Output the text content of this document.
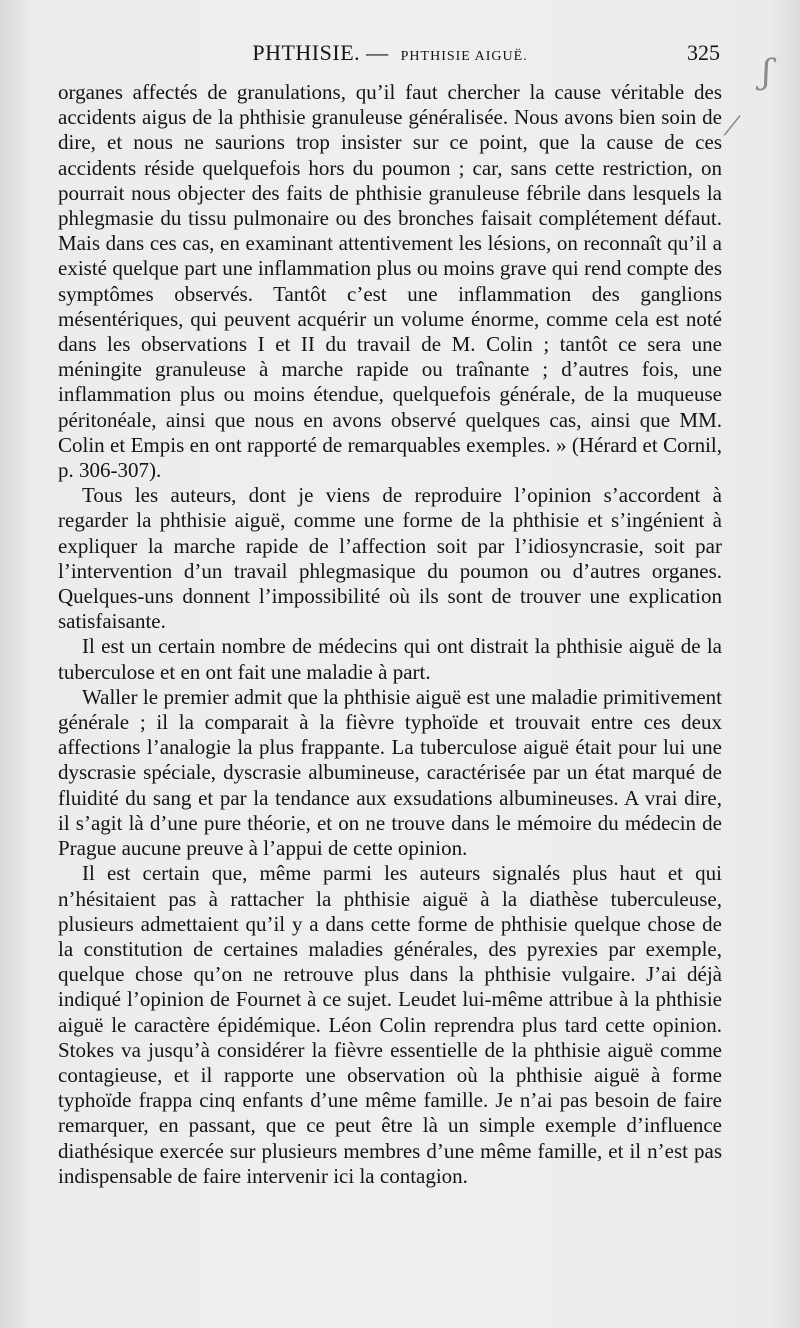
ʃ
⁄
PHTHISIE. — PHTHISIE AIGUË.	325

organes affectés de granulations, qu’il faut chercher la cause véritable des accidents aigus de la phthisie granuleuse généralisée. Nous avons bien soin de dire, et nous ne saurions trop insister sur ce point, que la cause de ces accidents réside quelquefois hors du poumon ; car, sans cette restriction, on pourrait nous objecter des faits de phthisie granuleuse fébrile dans lesquels la phlegmasie du tissu pulmonaire ou des bronches faisait complétement défaut. Mais dans ces cas, en examinant attentivement les lésions, on reconnaît qu’il a existé quelque part une inflammation plus ou moins grave qui rend compte des symptômes observés. Tantôt c’est une inflammation des ganglions mésentériques, qui peuvent acquérir un volume énorme, comme cela est noté dans les observations I et II du travail de M. Colin ; tantôt ce sera une méningite granuleuse à marche rapide ou traînante ; d’autres fois, une inflammation plus ou moins étendue, quelquefois générale, de la muqueuse péritonéale, ainsi que nous en avons observé quelques cas, ainsi que MM. Colin et Empis en ont rapporté de remarquables exemples. » (Hérard et Cornil, p. 306-307).

Tous les auteurs, dont je viens de reproduire l’opinion s’accordent à regarder la phthisie aiguë, comme une forme de la phthisie et s’ingénient à expliquer la marche rapide de l’affection soit par l’idiosyncrasie, soit par l’intervention d’un travail phlegmasique du poumon ou d’autres organes. Quelques-uns donnent l’impossibilité où ils sont de trouver une explication satisfaisante.

Il est un certain nombre de médecins qui ont distrait la phthisie aiguë de la tuberculose et en ont fait une maladie à part.

Waller le premier admit que la phthisie aiguë est une maladie primitivement générale ; il la comparait à la fièvre typhoïde et trouvait entre ces deux affections l’analogie la plus frappante. La tuberculose aiguë était pour lui une dyscrasie spéciale, dyscrasie albumineuse, caractérisée par un état marqué de fluidité du sang et par la tendance aux exsudations albumineuses. A vrai dire, il s’agit là d’une pure théorie, et on ne trouve dans le mémoire du médecin de Prague aucune preuve à l’appui de cette opinion.

Il est certain que, même parmi les auteurs signalés plus haut et qui n’hésitaient pas à rattacher la phthisie aiguë à la diathèse tuberculeuse, plusieurs admettaient qu’il y a dans cette forme de phthisie quelque chose de la constitution de certaines maladies générales, des pyrexies par exemple, quelque chose qu’on ne retrouve plus dans la phthisie vulgaire. J’ai déjà indiqué l’opinion de Fournet à ce sujet. Leudet lui-même attribue à la phthisie aiguë le caractère épidémique. Léon Colin reprendra plus tard cette opinion. Stokes va jusqu’à considérer la fièvre essentielle de la phthisie aiguë comme contagieuse, et il rapporte une observation où la phthisie aiguë à forme typhoïde frappa cinq enfants d’une même famille. Je n’ai pas besoin de faire remarquer, en passant, que ce peut être là un simple exemple d’influence diathésique exercée sur plusieurs membres d’une même famille, et il n’est pas indispensable de faire intervenir ici la contagion.
